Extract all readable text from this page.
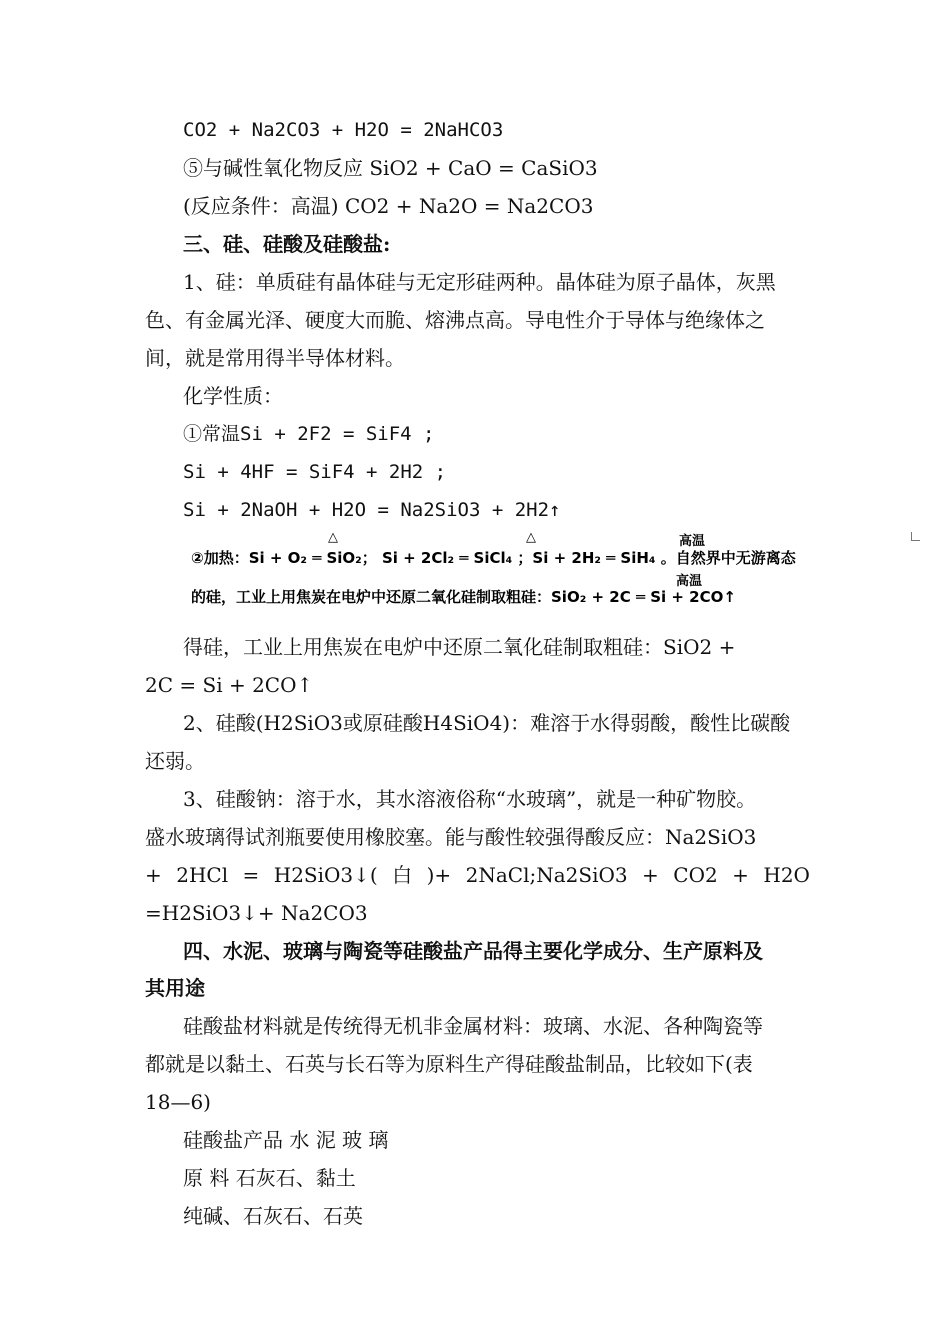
CO2 + Na2CO3 + H2O = 2NaHCO3
⑤与碱性氧化物反应 SiO2 + CaO = CaSiO3
(反应条件：高温) CO2 + Na2O = Na2CO3
三、硅、硅酸及硅酸盐:
1、硅：单质硅有晶体硅与无定形硅两种。晶体硅为原子晶体，灰黑
色、有金属光泽、硬度大而脆、熔沸点高。导电性介于导体与绝缘体之
间，就是常用得半导体材料。
化学性质：
①常温Si + 2F2 = SiF4 ;
Si + 4HF = SiF4 + 2H2 ;
Si + 2NaOH + H2O = Na2SiO3 + 2H2↑
△	△	高温
②加热：Si + O₂ ═ SiO₂； Si + 2Cl₂ ═ SiCl₄ ；Si + 2H₂ ═ SiH₄ 。自然界中无游离态
高温
的硅，工业上用焦炭在电炉中还原二氧化硅制取粗硅：SiO₂ + 2C ═ Si + 2CO↑
得硅，工业上用焦炭在电炉中还原二氧化硅制取粗硅：SiO2 +
2C = Si + 2CO↑
2、硅酸(H2SiO3或原硅酸H4SiO4)：难溶于水得弱酸，酸性比碳酸
还弱。
3、硅酸钠：溶于水，其水溶液俗称“水玻璃”，就是一种矿物胶。
盛水玻璃得试剂瓶要使用橡胶塞。能与酸性较强得酸反应：Na2SiO3
+ 2HCl = H2SiO3↓( 白 )+ 2NaCl;Na2SiO3 + CO2 + H2O
=H2SiO3↓+ Na2CO3
四、水泥、玻璃与陶瓷等硅酸盐产品得主要化学成分、生产原料及
其用途
硅酸盐材料就是传统得无机非金属材料：玻璃、水泥、各种陶瓷等
都就是以黏土、石英与长石等为原料生产得硅酸盐制品，比较如下(表
18—6)
硅酸盐产品 水 泥 玻 璃
原 料 石灰石、黏土
纯碱、石灰石、石英
